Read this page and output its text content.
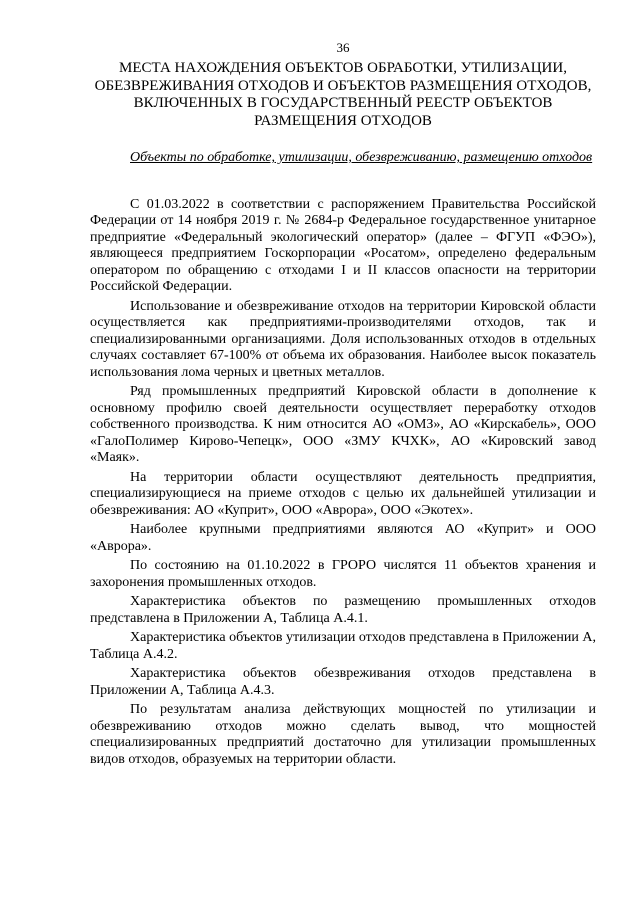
36
МЕСТА НАХОЖДЕНИЯ ОБЪЕКТОВ ОБРАБОТКИ, УТИЛИЗАЦИИ, ОБЕЗВРЕЖИВАНИЯ ОТХОДОВ И ОБЪЕКТОВ РАЗМЕЩЕНИЯ ОТХОДОВ, ВКЛЮЧЕННЫХ В ГОСУДАРСТВЕННЫЙ РЕЕСТР ОБЪЕКТОВ РАЗМЕЩЕНИЯ ОТХОДОВ

Объекты по обработке, утилизации, обезвреживанию, размещению отходов

С 01.03.2022 в соответствии с распоряжением Правительства Российской Федерации от 14 ноября 2019 г. № 2684-р Федеральное государственное унитарное предприятие «Федеральный экологический оператор» (далее – ФГУП «ФЭО»), являющееся предприятием Госкорпорации «Росатом», определено федеральным оператором по обращению с отходами I и II классов опасности на территории Российской Федерации.

Использование и обезвреживание отходов на территории Кировской области осуществляется как предприятиями-производителями отходов, так и специализированными организациями. Доля использованных отходов в отдельных случаях составляет 67-100% от объема их образования. Наиболее высок показатель использования лома черных и цветных металлов.

Ряд промышленных предприятий Кировской области в дополнение к основному профилю своей деятельности осуществляет переработку отходов собственного производства. К ним относится АО «ОМЗ», АО «Кирскабель», ООО «ГалоПолимер Кирово-Чепецк», ООО «ЗМУ КЧХК», АО «Кировский завод «Маяк».

На территории области осуществляют деятельность предприятия, специализирующиеся на приеме отходов с целью их дальнейшей утилизации и обезвреживания: АО «Куприт», ООО «Аврора», ООО «Экотех».

Наиболее крупными предприятиями являются АО «Куприт» и ООО «Аврора».

По состоянию на 01.10.2022 в ГРОРО числятся 11 объектов хранения и захоронения промышленных отходов.

Характеристика объектов по размещению промышленных отходов представлена в Приложении А, Таблица А.4.1.

Характеристика объектов утилизации отходов представлена в Приложении А, Таблица А.4.2.

Характеристика объектов обезвреживания отходов представлена в Приложении А, Таблица А.4.3.

По результатам анализа действующих мощностей по утилизации и обезвреживанию отходов можно сделать вывод, что мощностей специализированных предприятий достаточно для утилизации промышленных видов отходов, образуемых на территории области.
